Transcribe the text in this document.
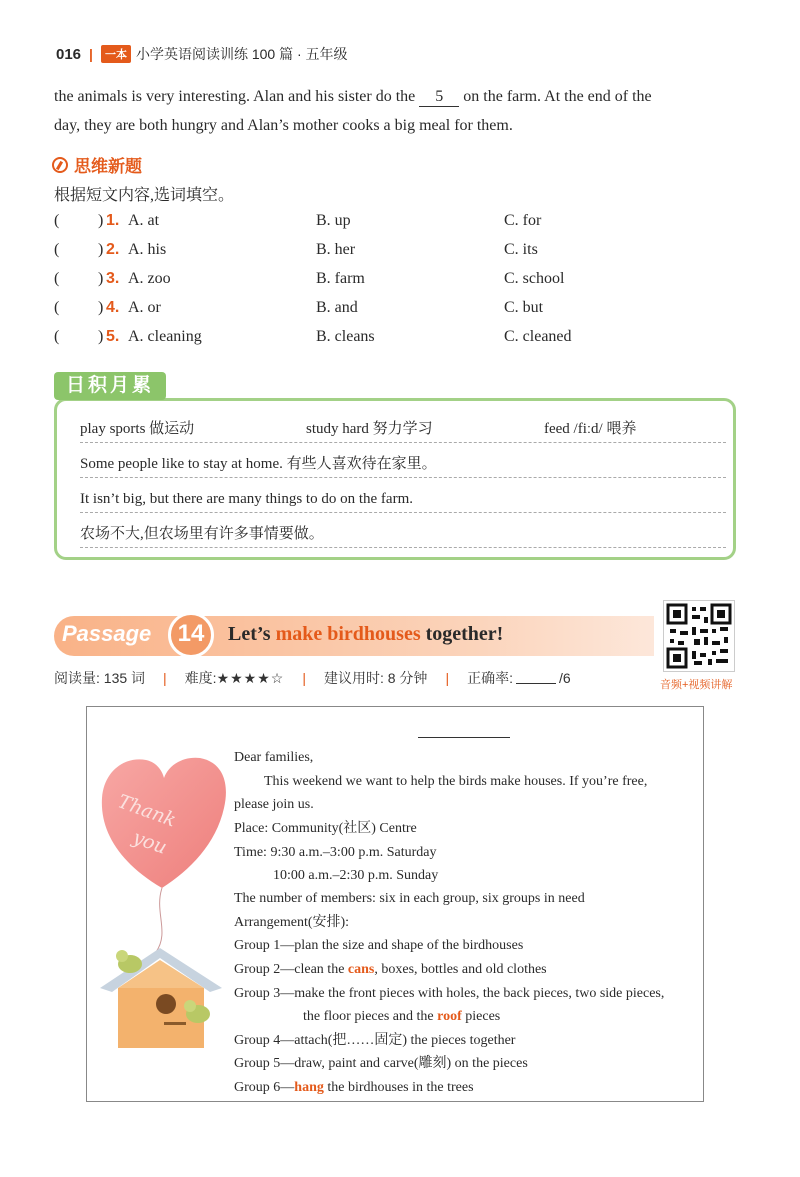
016 |	一本 小学英语阅读训练 100 篇 · 五年级
the animals is very interesting. Alan and his sister do the 5 on the farm. At the end of the
day, they are both hungry and Alan’s mother cooks a big meal for them.
思维新题
根据短文内容,选词填空。
( ) 1. A. at	B. up	C. for
( ) 2. A. his	B. her	C. its
( ) 3. A. zoo	B. farm	C. school
( ) 4. A. or	B. and	C. but
( ) 5. A. cleaning	B. cleans	C. cleaned
日积月累
play sports 做运动	study hard 努力学习	feed /fiːd/ 喂养
Some people like to stay at home. 有些人喜欢待在家里。
It isn’t big, but there are many things to do on the farm.
农场不大,但农场里有许多事情要做。
Passage	14	Let’s make birdhouses together!
音频+视频讲解
阅读量: 135 词 | 难度: ★★★★☆ | 建议用时: 8 分钟 | 正确率:	/6
Thank
you
Dear families,
This weekend we want to help the birds make houses. If you’re free,
please join us.
Place: Community(社区) Centre
Time: 9:30 a.m.–3:00 p.m. Saturday
10:00 a.m.–2:30 p.m. Sunday
The number of members: six in each group, six groups in need
Arrangement(安排):
Group 1—plan the size and shape of the birdhouses
Group 2—clean the cans, boxes, bottles and old clothes
Group 3—make the front pieces with holes, the back pieces, two side pieces,
the floor pieces and the roof pieces
Group 4—attach(把……固定) the pieces together
Group 5—draw, paint and carve(雕刻) on the pieces
Group 6—hang the birdhouses in the trees
